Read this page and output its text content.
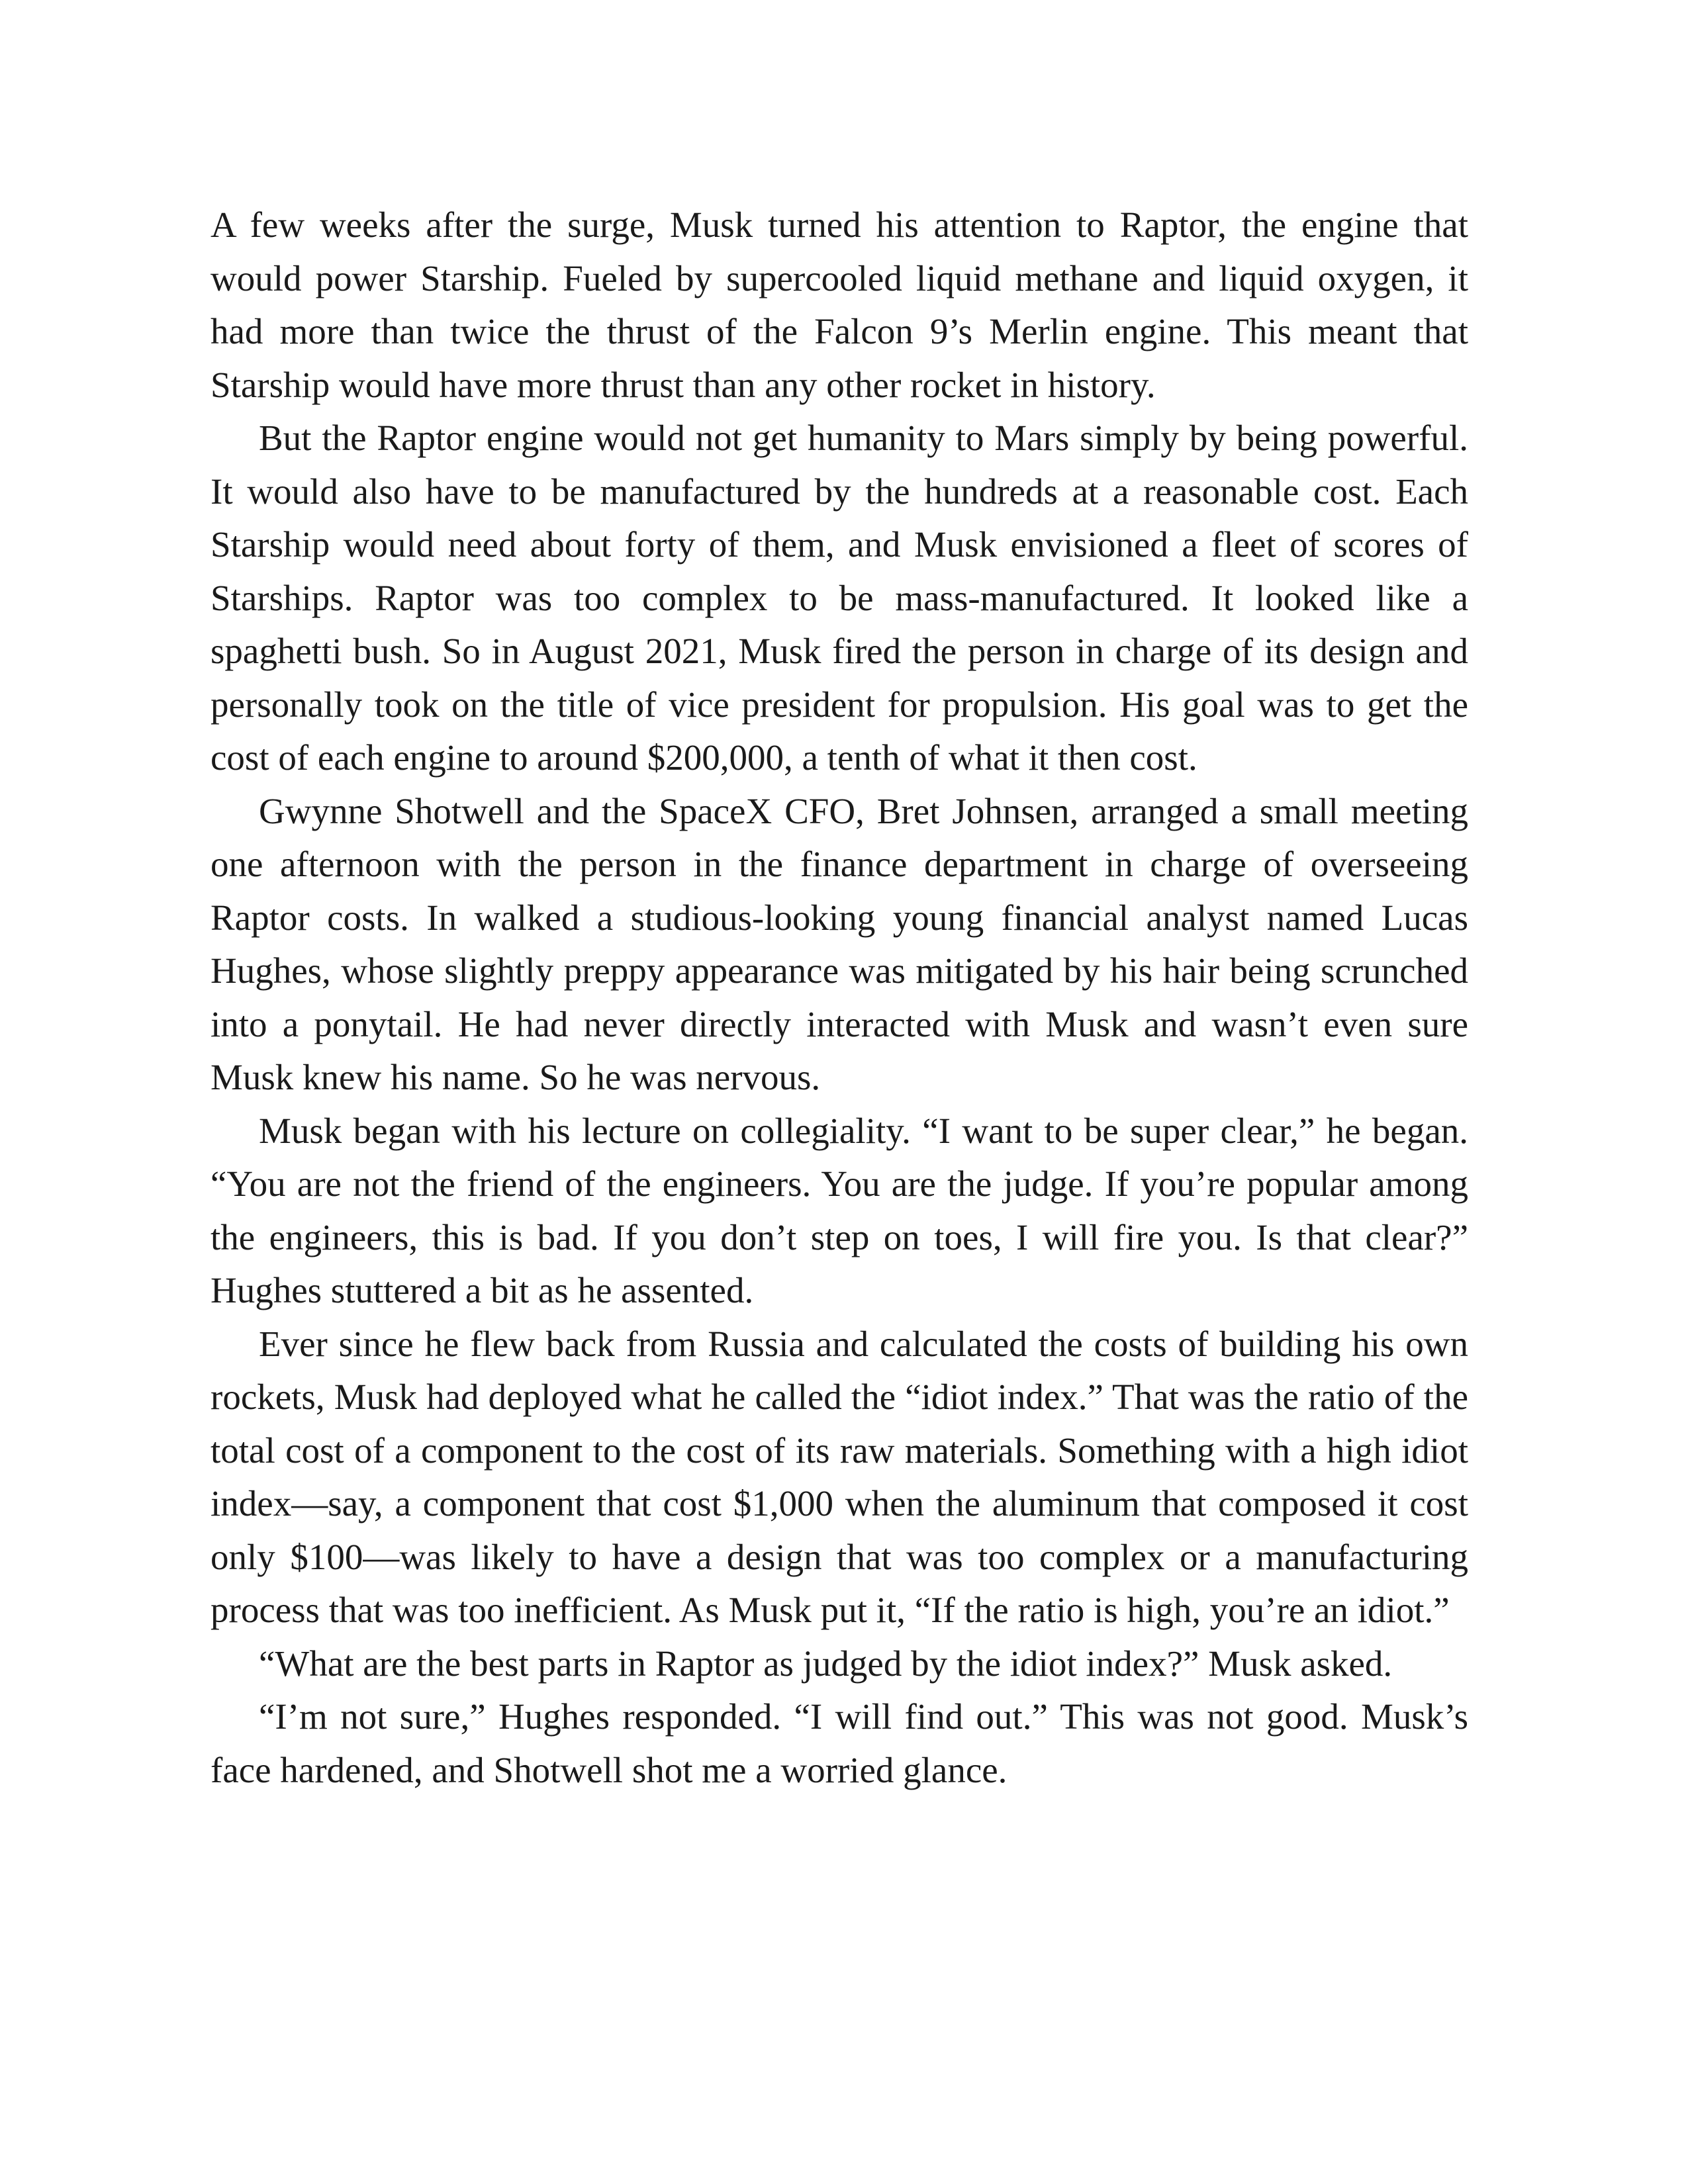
A few weeks after the surge, Musk turned his attention to Raptor, the engine that would power Starship. Fueled by supercooled liquid methane and liquid oxygen, it had more than twice the thrust of the Falcon 9’s Merlin engine. This meant that Starship would have more thrust than any other rocket in history.

But the Raptor engine would not get humanity to Mars simply by being powerful. It would also have to be manufactured by the hundreds at a reasonable cost. Each Starship would need about forty of them, and Musk envisioned a fleet of scores of Starships. Raptor was too complex to be mass-manufactured. It looked like a spaghetti bush. So in August 2021, Musk fired the person in charge of its design and personally took on the title of vice president for propulsion. His goal was to get the cost of each engine to around $200,000, a tenth of what it then cost.

Gwynne Shotwell and the SpaceX CFO, Bret Johnsen, arranged a small meeting one afternoon with the person in the finance department in charge of overseeing Raptor costs. In walked a studious-looking young financial analyst named Lucas Hughes, whose slightly preppy appearance was mitigated by his hair being scrunched into a ponytail. He had never directly interacted with Musk and wasn’t even sure Musk knew his name. So he was nervous.

Musk began with his lecture on collegiality. “I want to be super clear,” he began. “You are not the friend of the engineers. You are the judge. If you’re popular among the engineers, this is bad. If you don’t step on toes, I will fire you. Is that clear?” Hughes stuttered a bit as he assented.

Ever since he flew back from Russia and calculated the costs of building his own rockets, Musk had deployed what he called the “idiot index.” That was the ratio of the total cost of a component to the cost of its raw materials. Something with a high idiot index—say, a component that cost $1,000 when the aluminum that composed it cost only $100—was likely to have a design that was too complex or a manufacturing process that was too inefficient. As Musk put it, “If the ratio is high, you’re an idiot.”

“What are the best parts in Raptor as judged by the idiot index?” Musk asked.

“I’m not sure,” Hughes responded. “I will find out.” This was not good. Musk’s face hardened, and Shotwell shot me a worried glance.
